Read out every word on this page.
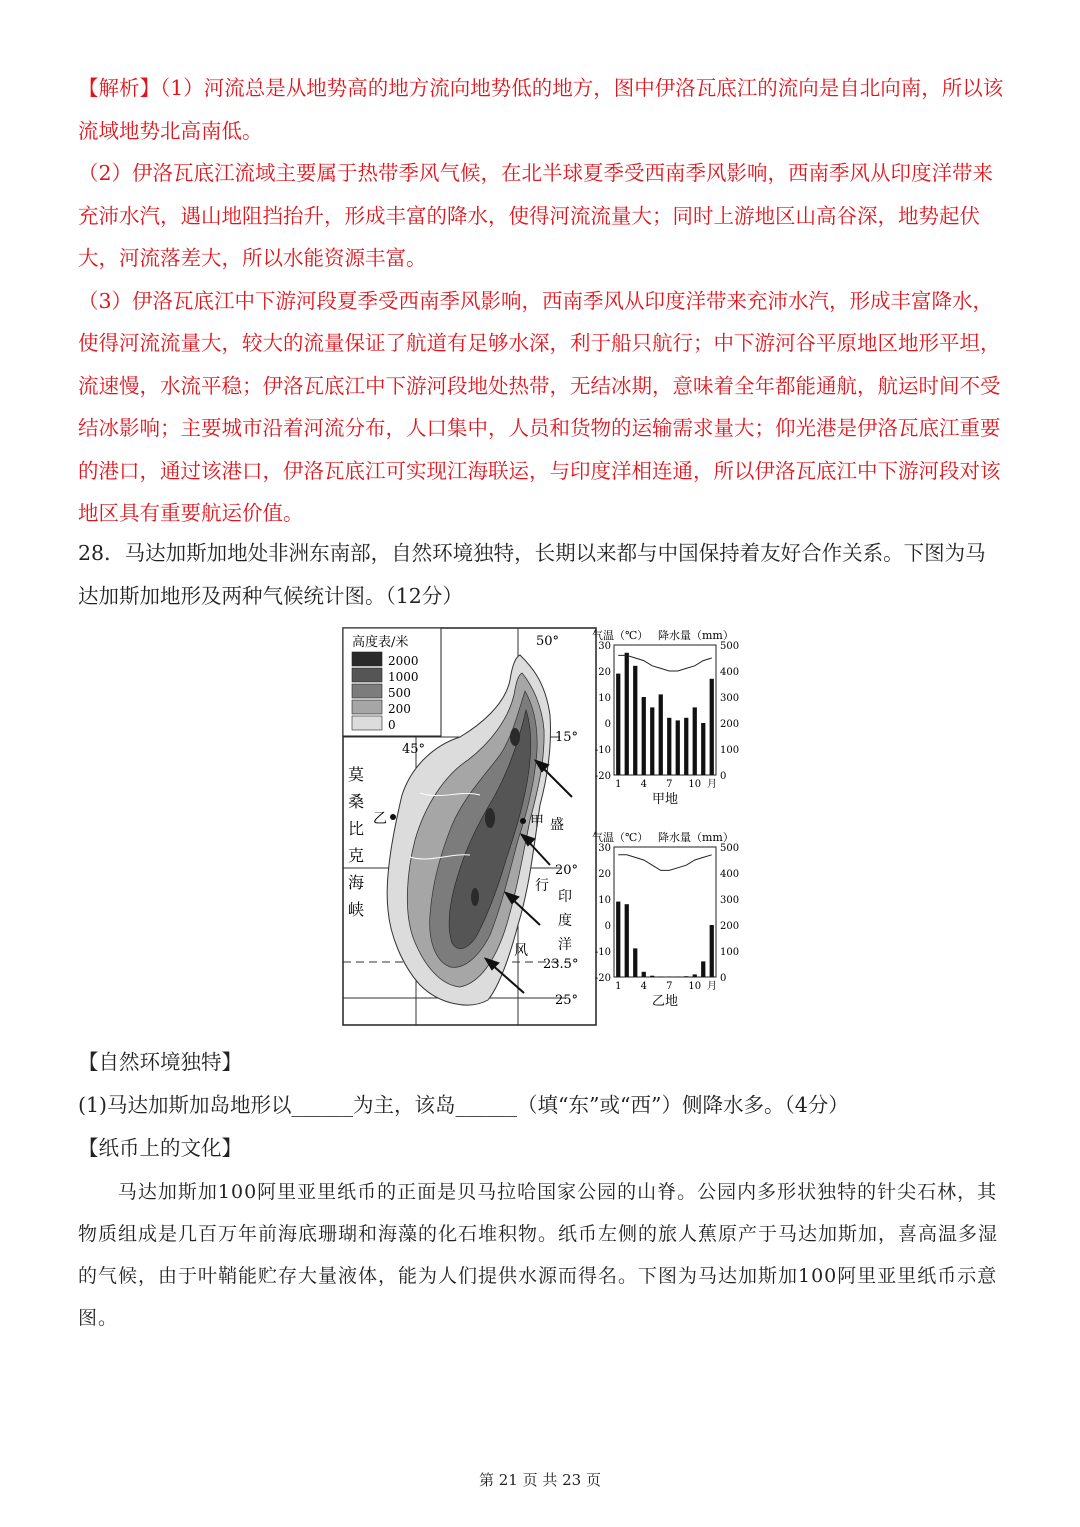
【解析】（1）河流总是从地势高的地方流向地势低的地方，图中伊洛瓦底江的流向是自北向南，所以该流域地势北高南低。
（2）伊洛瓦底江流域主要属于热带季风气候，在北半球夏季受西南季风影响，西南季风从印度洋带来充沛水汽，遇山地阻挡抬升，形成丰富的降水，使得河流流量大；同时上游地区山高谷深，地势起伏大，河流落差大，所以水能资源丰富。
（3）伊洛瓦底江中下游河段夏季受西南季风影响，西南季风从印度洋带来充沛水汽，形成丰富降水，使得河流流量大，较大的流量保证了航道有足够水深，利于船只航行；中下游河谷平原地区地形平坦，流速慢，水流平稳；伊洛瓦底江中下游河段地处热带，无结冰期，意味着全年都能通航，航运时间不受结冰影响；主要城市沿着河流分布，人口集中，人员和货物的运输需求量大；仰光港是伊洛瓦底江重要的港口，通过该港口，伊洛瓦底江可实现江海联运，与印度洋相连通，所以伊洛瓦底江中下游河段对该地区具有重要航运价值。
28．马达加斯加地处非洲东南部，自然环境独特，长期以来都与中国保持着友好合作关系。下图为马达加斯加地形及两种气候统计图。（12分）
高度表/米
2000
1000
500
200
0
50°
45°
15°
20°
23.5°
25°
莫
桑
比
克
海
峡
盛
行
风
印
度
洋
甲
乙
气温（℃） 降水量（mm）
30
20
10
0
-10
-20
500
400
300
200
100
0
1 4 7 10 月
甲地
气温（℃） 降水量（mm）
30
20
10
0
-10
-20
500
400
300
200
100
0
1 4 7 10 月
乙地
【自然环境独特】
(1)马达加斯加岛地形以______为主，该岛______（填“东”或“西”）侧降水多。（4分）
【纸币上的文化】
马达加斯加100阿里亚里纸币的正面是贝马拉哈国家公园的山脊。公园内多形状独特的针尖石林，其物质组成是几百万年前海底珊瑚和海藻的化石堆积物。纸币左侧的旅人蕉原产于马达加斯加，喜高温多湿的气候，由于叶鞘能贮存大量液体，能为人们提供水源而得名。下图为马达加斯加100阿里亚里纸币示意图。
第 21 页 共 23 页
